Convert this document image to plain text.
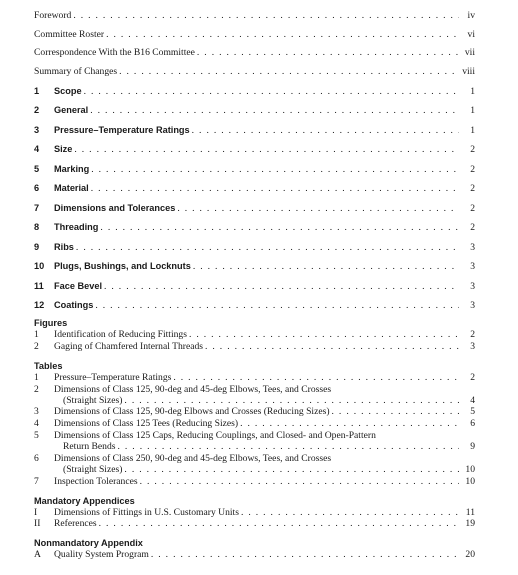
Foreword . . .	iv
Committee Roster . . .	vi
Correspondence With the B16 Committee . . .	vii
Summary of Changes . . .	viii
1	Scope . . .	1
2	General . . .	1
3	Pressure–Temperature Ratings . . .	1
4	Size . . .	2
5	Marking . . .	2
6	Material . . .	2
7	Dimensions and Tolerances . . .	2
8	Threading . . .	2
9	Ribs . . .	3
10	Plugs, Bushings, and Locknuts . . .	3
11	Face Bevel . . .	3
12	Coatings . . .	3
Figures
1	Identification of Reducing Fittings . . .	2
2	Gaging of Chamfered Internal Threads . . .	3
Tables
1	Pressure–Temperature Ratings . . .	2
2	Dimensions of Class 125, 90-deg and 45-deg Elbows, Tees, and Crosses
(Straight Sizes) . . .	4
3	Dimensions of Class 125, 90-deg Elbows and Crosses (Reducing Sizes) . . .	5
4	Dimensions of Class 125 Tees (Reducing Sizes) . . .	6
5	Dimensions of Class 125 Caps, Reducing Couplings, and Closed- and Open-Pattern
Return Bends . . .	9
6	Dimensions of Class 250, 90-deg and 45-deg Elbows, Tees, and Crosses
(Straight Sizes) . . .	10
7	Inspection Tolerances . . .	10
Mandatory Appendices
I	Dimensions of Fittings in U.S. Customary Units . . .	11
II	References . . .	19
Nonmandatory Appendix
A	Quality System Program . . .	20
